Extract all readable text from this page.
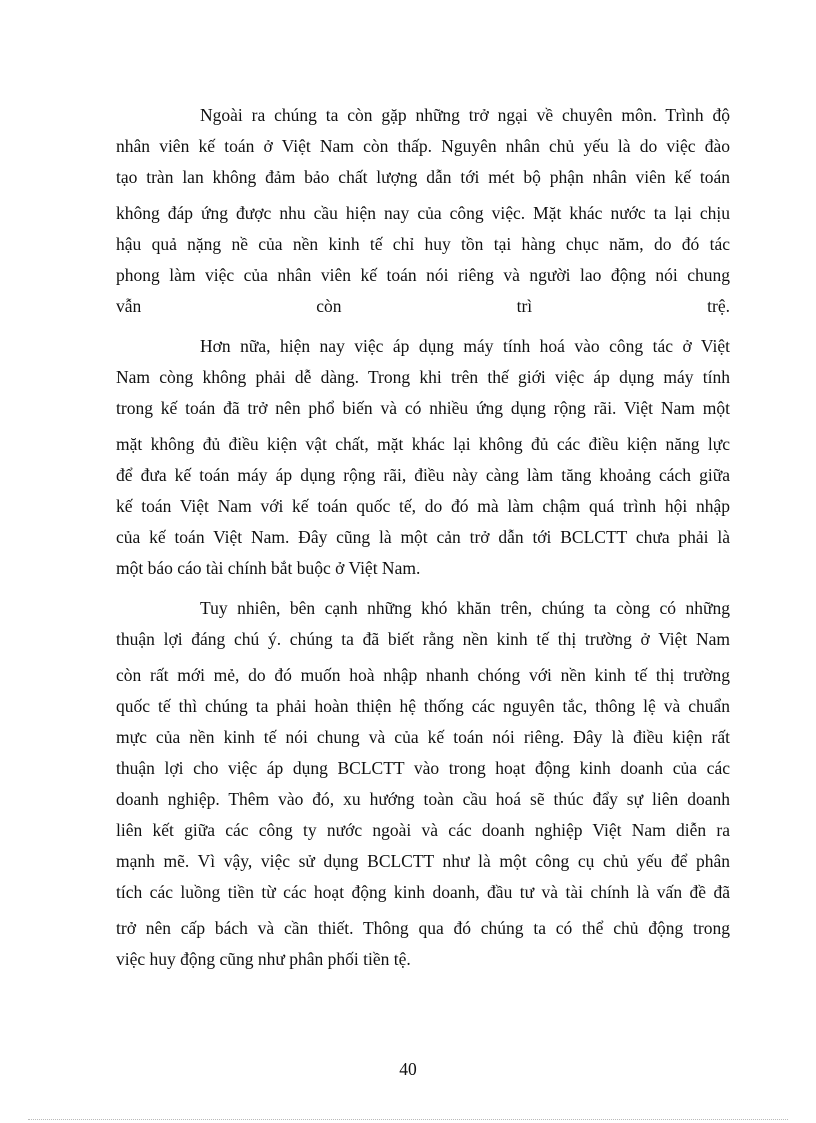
Ngoài ra chúng ta còn gặp những trở ngại về chuyên môn. Trình độ
nhân viên kế toán ở Việt Nam còn thấp. Nguyên nhân chủ yếu là do việc đào
tạo tràn lan không đảm bảo chất lượng dẫn tới mét bộ phận nhân viên kế toán
không đáp ứng được nhu cầu hiện nay của công việc. Mặt khác nước ta lại chịu
hậu quả nặng nề của nền kinh tế chỉ huy tồn tại hàng chục năm, do đó tác
phong làm việc của nhân viên kế toán nói riêng và người lao động nói chung
vẫn còn trì trệ.
Hơn nữa, hiện nay việc áp dụng máy tính hoá vào công tác ở Việt
Nam còng không phải dễ dàng. Trong khi trên thế giới việc áp dụng máy tính
trong kế toán đã trở nên phổ biến và có nhiều ứng dụng rộng rãi. Việt Nam một
mặt không đủ điều kiện vật chất, mặt khác lại không đủ các điều kiện năng lực
để đưa kế toán máy áp dụng rộng rãi, điều này càng làm tăng khoảng cách giữa
kế toán Việt Nam với kế toán quốc tế, do đó mà làm chậm quá trình hội nhập
của kế toán Việt Nam. Đây cũng là một cản trở dẫn tới BCLCTT chưa phải là
một báo cáo tài chính bắt buộc ở Việt Nam.
Tuy nhiên, bên cạnh những khó khăn trên, chúng ta còng có những
thuận lợi đáng chú ý. chúng ta đã biết rằng nền kinh tế thị trường ở Việt Nam
còn rất mới mẻ, do đó muốn hoà nhập nhanh chóng với nền kinh tế thị trường
quốc tế thì chúng ta phải hoàn thiện hệ thống các nguyên tắc, thông lệ và chuẩn
mực của nền kinh tế nói chung và của kế toán nói riêng. Đây là điều kiện rất
thuận lợi cho việc áp dụng BCLCTT vào trong hoạt động kinh doanh của các
doanh nghiệp. Thêm vào đó, xu hướng toàn cầu hoá sẽ thúc đẩy sự liên doanh
liên kết giữa các công ty nước ngoài và các doanh nghiệp Việt Nam diễn ra
mạnh mẽ. Vì vậy, việc sử dụng BCLCTT như là một công cụ chủ yếu để phân
tích các luồng tiền từ các hoạt động kinh doanh, đầu tư và tài chính là vấn đề đã
trở nên cấp bách và cần thiết. Thông qua đó chúng ta có thể chủ động trong
việc huy động cũng như phân phối tiền tệ.
40
